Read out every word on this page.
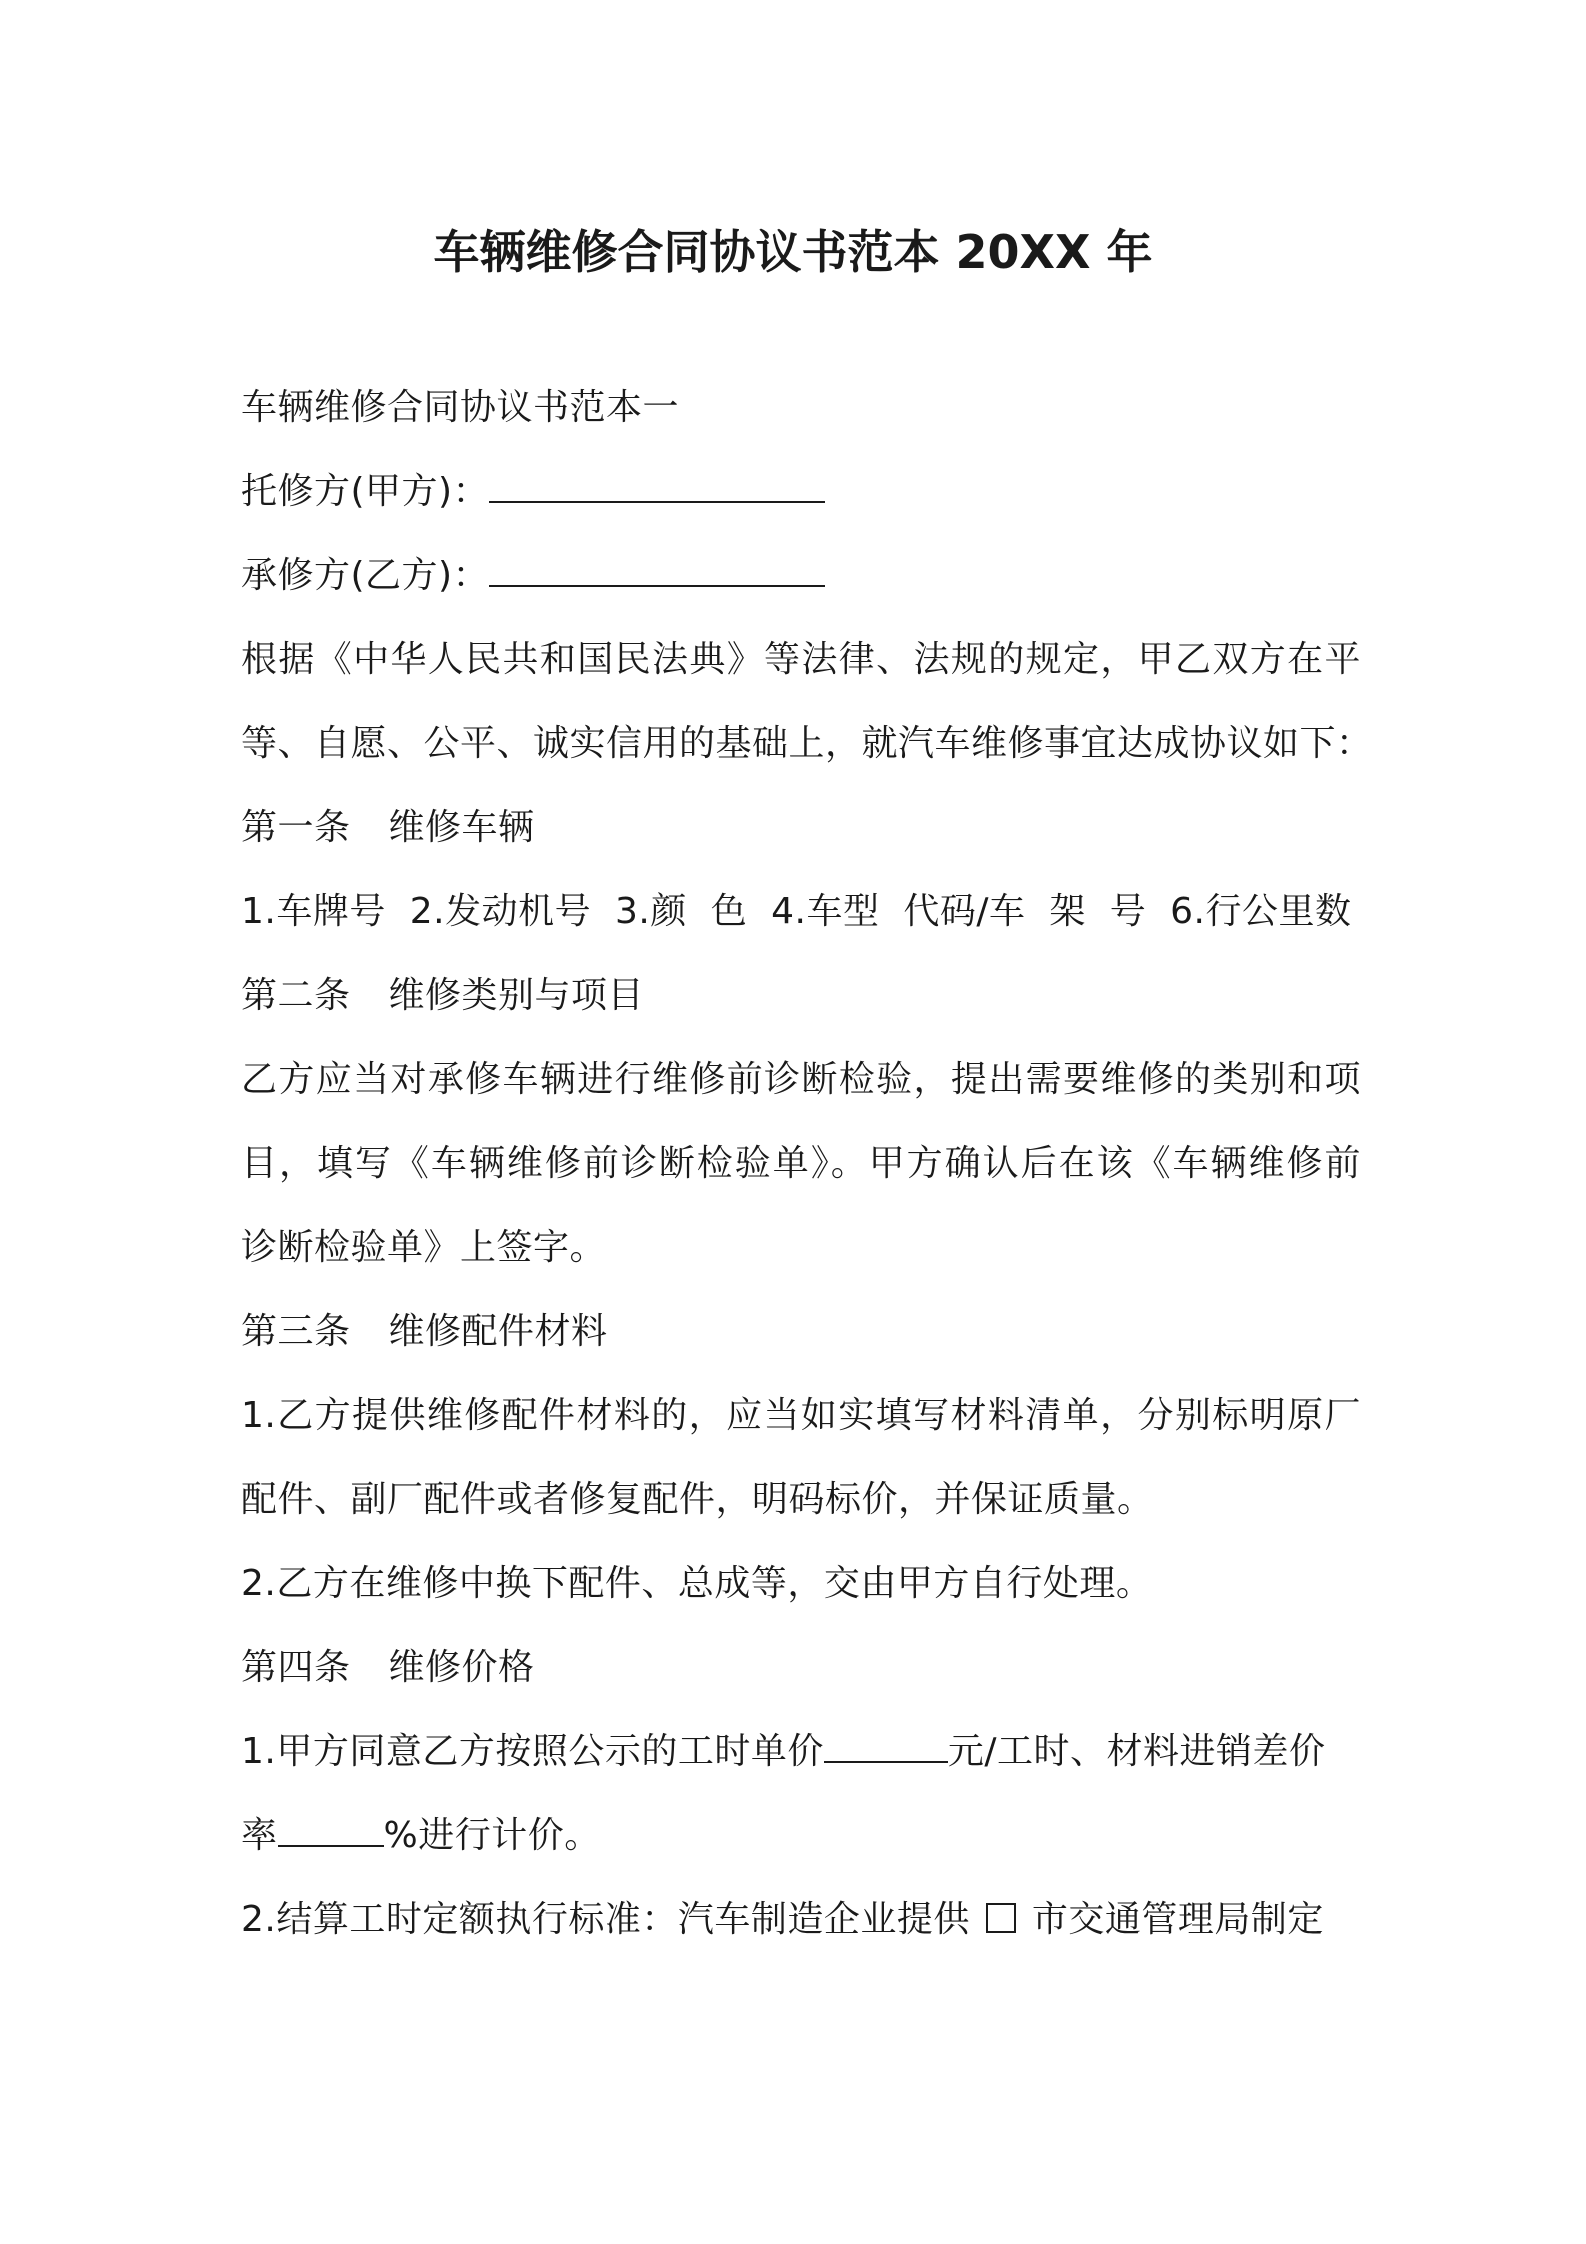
车辆维修合同协议书范本 20XX 年
车辆维修合同协议书范本一
托修方(甲方)：
承修方(乙方)：
根据《中华人民共和国民法典》等法律、法规的规定，甲乙双方在平
等、自愿、公平、诚实信用的基础上，就汽车维修事宜达成协议如下：
第一条 维修车辆
1.车牌号  2.发动机号  3.颜  色  4.车型  代码/车  架  号  6.行公里数
第二条 维修类别与项目
乙方应当对承修车辆进行维修前诊断检验，提出需要维修的类别和项
目，填写《车辆维修前诊断检验单》。甲方确认后在该《车辆维修前
诊断检验单》上签字。
第三条 维修配件材料
1.乙方提供维修配件材料的，应当如实填写材料清单，分别标明原厂
配件、副厂配件或者修复配件，明码标价，并保证质量。
2.乙方在维修中换下配件、总成等，交由甲方自行处理。
第四条 维修价格
1.甲方同意乙方按照公示的工时单价	元/工时、材料进销差价
率	%进行计价。
2.结算工时定额执行标准：汽车制造企业提供 市交通管理局制定
